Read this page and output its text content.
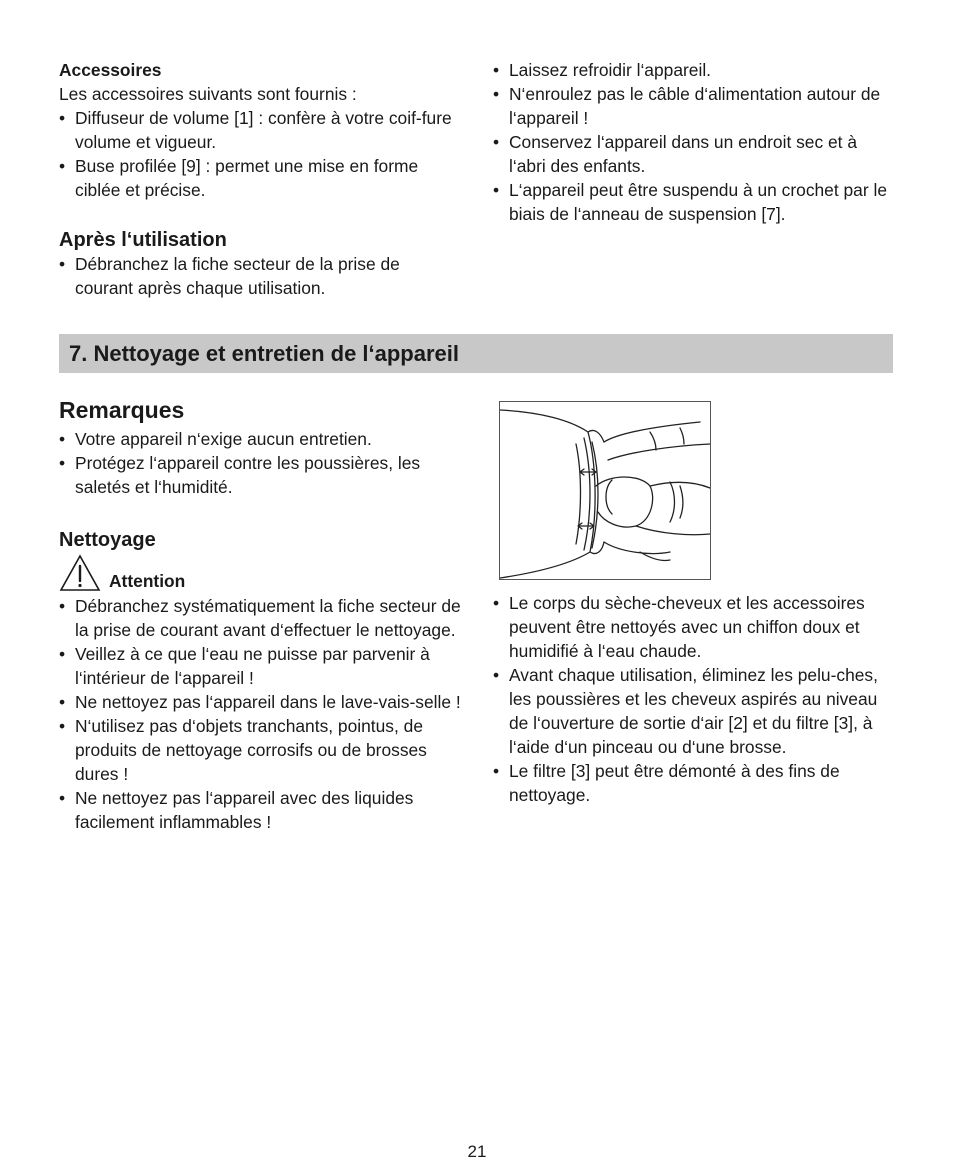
Accessoires

Les accessoires suivants sont fournis :

• Diffuseur de volume [1] : confère à votre coif-fure volume et vigueur.
• Buse profilée [9] : permet une mise en forme ciblée et précise.
Après l‘utilisation
• Débranchez la fiche secteur de la prise de courant après chaque utilisation.
• Laissez refroidir l‘appareil.
• N‘enroulez pas le câble d‘alimentation autour de l‘appareil !
• Conservez l‘appareil dans un endroit sec et à l‘abri des enfants.
• L‘appareil peut être suspendu à un crochet par le biais de l‘anneau de suspension [7].
7. Nettoyage et entretien de l‘appareil
Remarques
• Votre appareil n‘exige aucun entretien.
• Protégez l‘appareil contre les poussières, les saletés et l‘humidité.
Nettoyage
Attention
• Débranchez systématiquement la fiche secteur de la prise de courant avant d‘effectuer le nettoyage.
• Veillez à ce que l‘eau ne puisse par parvenir à l‘intérieur de l‘appareil !
• Ne nettoyez pas l‘appareil dans le lave-vais-selle !
• N‘utilisez pas d‘objets tranchants, pointus, de produits de nettoyage corrosifs ou de brosses dures !
• Ne nettoyez pas l‘appareil avec des liquides facilement inflammables !
• Le corps du sèche-cheveux et les accessoires peuvent être nettoyés avec un chiffon doux et humidifié à l‘eau chaude.
• Avant chaque utilisation, éliminez les pelu-ches, les poussières et les cheveux aspirés au niveau de l‘ouverture de sortie d‘air [2] et du filtre [3], à l‘aide d‘un pinceau ou d‘une brosse.
• Le filtre [3] peut être démonté à des fins de nettoyage.
21
